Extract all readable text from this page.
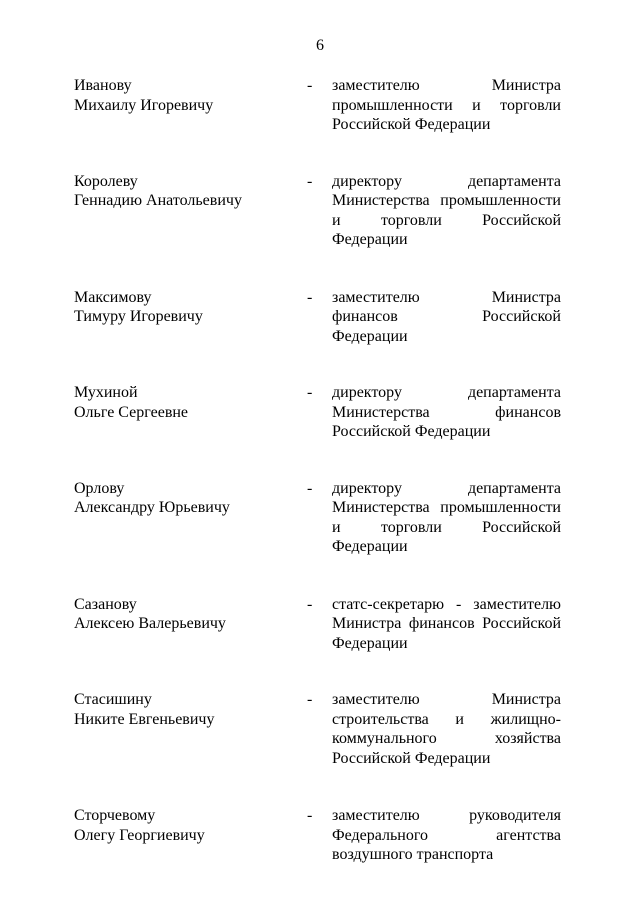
6
Иванову
Михаилу Игоревичу
-	заместителю Министра
промышленности и торговли
Российской Федерации
Королеву
Геннадию Анатольевичу
-	директору департамента
Министерства промышленности
и торговли Российской
Федерации
Максимову
Тимуру Игоревичу
-	заместителю Министра
финансов Российской
Федерации
Мухиной
Ольге Сергеевне
-	директору департамента
Министерства финансов
Российской Федерации
Орлову
Александру Юрьевичу
-	директору департамента
Министерства промышленности
и торговли Российской
Федерации
Сазанову
Алексею Валерьевичу
-	статс-секретарю - заместителю
Министра финансов Российской
Федерации
Стасишину
Никите Евгеньевичу
-	заместителю Министра
строительства и жилищно-
коммунального хозяйства
Российской Федерации
Сторчевому
Олегу Георгиевичу
-	заместителю руководителя
Федерального агентства
воздушного транспорта
